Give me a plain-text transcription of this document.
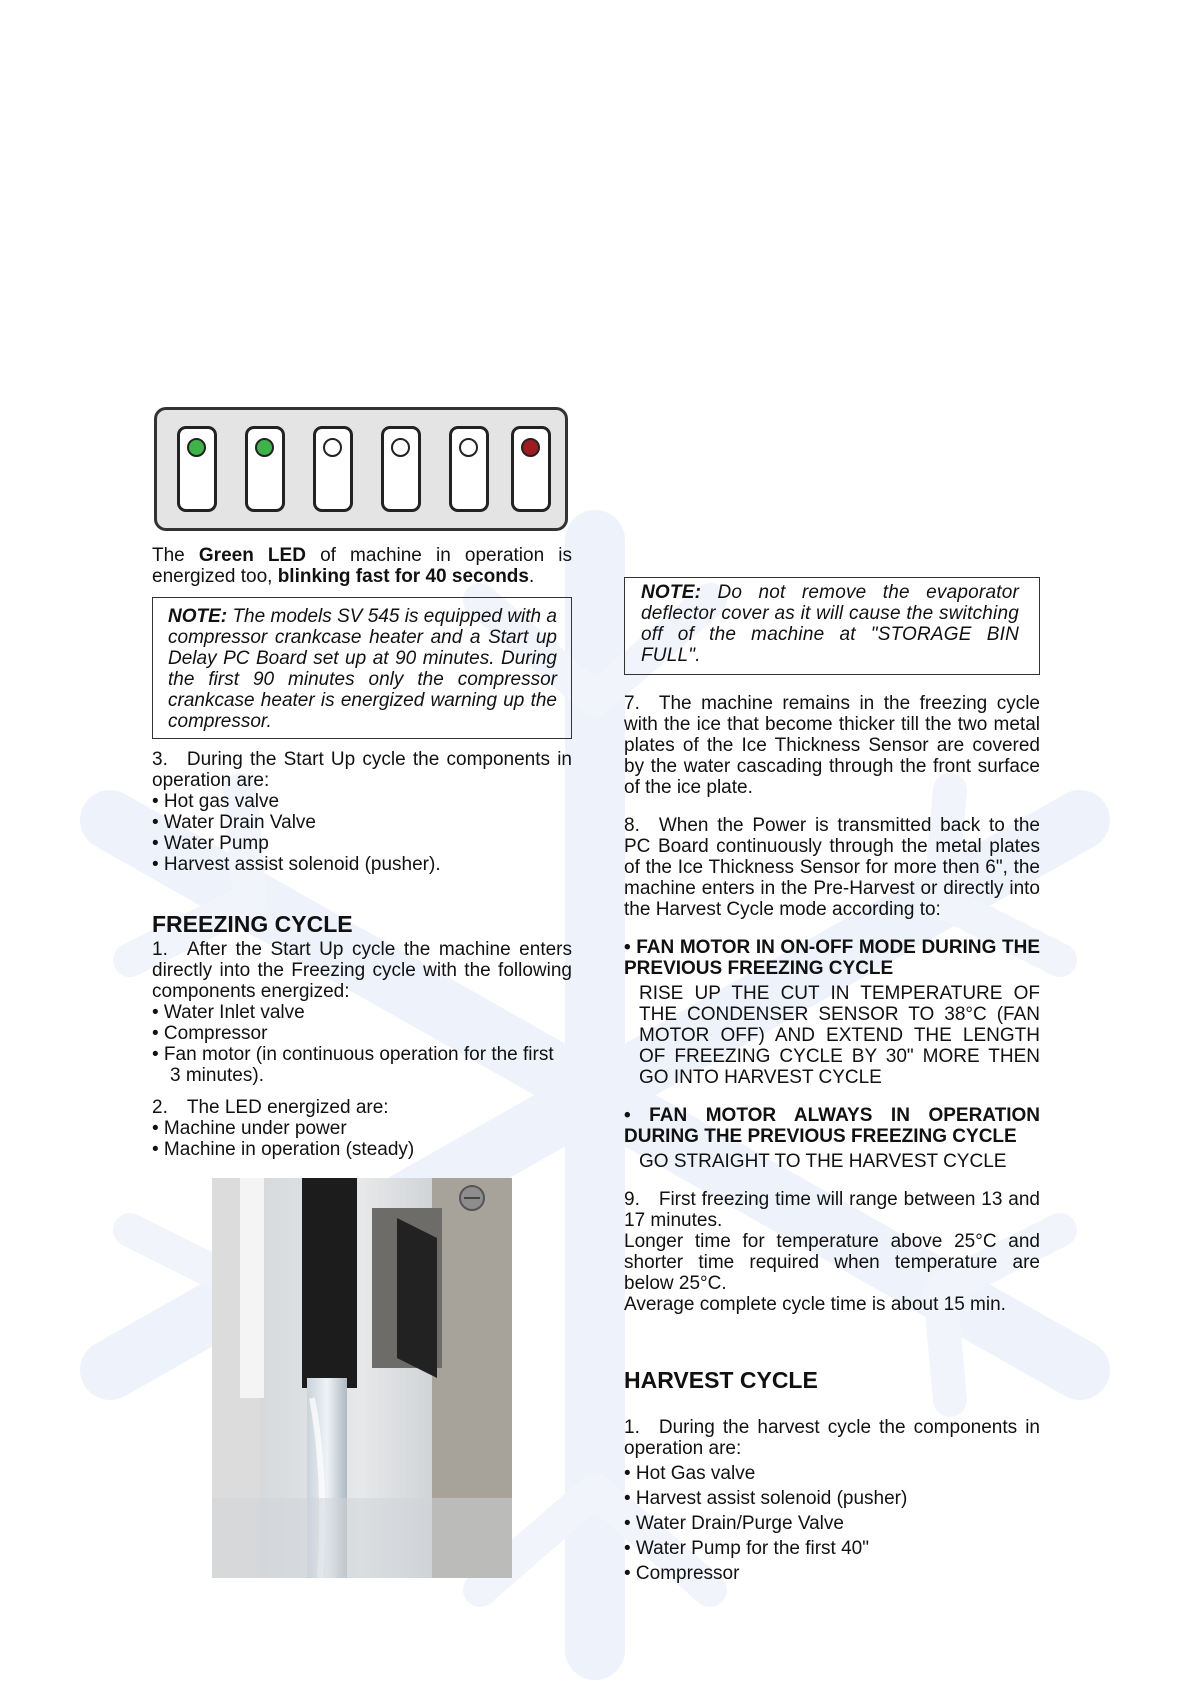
The Green LED of machine in operation is energized too, blinking fast for 40 seconds.

NOTE: The models SV 545 is equipped with a compressor crankcase heater and a Start up Delay PC Board set up at 90 minutes. During the first 90 minutes only the compressor crankcase heater is energized warning up the compressor.

3. During the Start Up cycle the components in operation are:

• Hot gas valve

• Water Drain Valve

• Water Pump

• Harvest assist solenoid (pusher).

FREEZING CYCLE

1. After the Start Up cycle the machine enters directly into the Freezing cycle with the following components energized:

• Water Inlet valve

• Compressor

• Fan motor (in continuous operation for the first

3 minutes).

2. The LED energized are:

• Machine under power

• Machine in operation (steady)

NOTE: Do not remove the evaporator deflector cover as it will cause the switching off of the machine at "STORAGE BIN FULL".

7. The machine remains in the freezing cycle with the ice that become thicker till the two metal plates of the Ice Thickness Sensor are covered by the water cascading through the front surface of the ice plate.

8. When the Power is transmitted back to the PC Board continuously through the metal plates of the Ice Thickness Sensor for more then 6", the machine enters in the Pre-Harvest or directly into the Harvest Cycle mode according to:

• FAN MOTOR IN ON-OFF MODE DURING THE PREVIOUS FREEZING CYCLE

RISE UP THE CUT IN TEMPERATURE OF THE CONDENSER SENSOR TO 38°C (FAN MOTOR OFF) AND EXTEND THE LENGTH OF FREEZING CYCLE BY 30" MORE THEN GO INTO HARVEST CYCLE

• FAN MOTOR ALWAYS IN OPERATION DURING THE PREVIOUS FREEZING CYCLE

GO STRAIGHT TO THE HARVEST CYCLE

9. First freezing time will range between 13 and 17 minutes.

Longer time for temperature above 25°C and shorter time required when temperature are below 25°C.

Average complete cycle time is about 15 min.

HARVEST CYCLE

1. During the harvest cycle the components in operation are:

• Hot Gas valve

• Harvest assist solenoid (pusher)

• Water Drain/Purge Valve

• Water Pump for the first 40"

• Compressor
